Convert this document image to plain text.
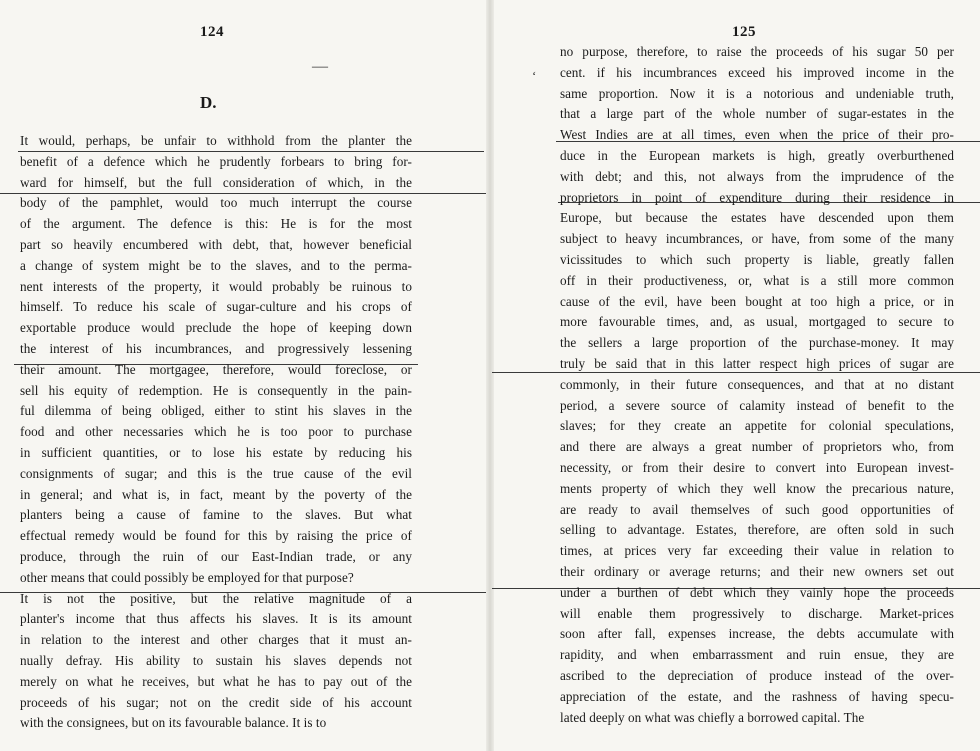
124
—
D.
It would, perhaps, be unfair to withhold from the planter the
benefit of a defence which he prudently forbears to bring for-
ward for himself, but the full consideration of which, in the
body of the pamphlet, would too much interrupt the course
of the argument. The defence is this: He is for the most
part so heavily encumbered with debt, that, however beneficial
a change of system might be to the slaves, and to the perma-
nent interests of the property, it would probably be ruinous to
himself. To reduce his scale of sugar-culture and his crops of
exportable produce would preclude the hope of keeping down
the interest of his incumbrances, and progressively lessening
their amount. The mortgagee, therefore, would foreclose, or
sell his equity of redemption. He is consequently in the pain-
ful dilemma of being obliged, either to stint his slaves in the
food and other necessaries which he is too poor to purchase
in sufficient quantities, or to lose his estate by reducing his
consignments of sugar; and this is the true cause of the evil
in general; and what is, in fact, meant by the poverty of the
planters being a cause of famine to the slaves. But what
effectual remedy would be found for this by raising the price of
produce, through the ruin of our East-Indian trade, or any
other means that could possibly be employed for that purpose?
It is not the positive, but the relative magnitude of a
planter's income that thus affects his slaves. It is its amount
in relation to the interest and other charges that it must an-
nually defray. His ability to sustain his slaves depends not
merely on what he receives, but what he has to pay out of the
proceeds of his sugar; not on the credit side of his account
with the consignees, but on its favourable balance. It is to
125
‘
no purpose, therefore, to raise the proceeds of his sugar 50 per
cent. if his incumbrances exceed his improved income in the
same proportion. Now it is a notorious and undeniable truth,
that a large part of the whole number of sugar-estates in the
West Indies are at all times, even when the price of their pro-
duce in the European markets is high, greatly overburthened
with debt; and this, not always from the imprudence of the
proprietors in point of expenditure during their residence in
Europe, but because the estates have descended upon them
subject to heavy incumbrances, or have, from some of the many
vicissitudes to which such property is liable, greatly fallen
off in their productiveness, or, what is a still more common
cause of the evil, have been bought at too high a price, or in
more favourable times, and, as usual, mortgaged to secure to
the sellers a large proportion of the purchase-money. It may
truly be said that in this latter respect high prices of sugar are
commonly, in their future consequences, and that at no distant
period, a severe source of calamity instead of benefit to the
slaves; for they create an appetite for colonial speculations,
and there are always a great number of proprietors who, from
necessity, or from their desire to convert into European invest-
ments property of which they well know the precarious nature,
are ready to avail themselves of such good opportunities of
selling to advantage. Estates, therefore, are often sold in such
times, at prices very far exceeding their value in relation to
their ordinary or average returns; and their new owners set out
under a burthen of debt which they vainly hope the proceeds
will enable them progressively to discharge. Market-prices
soon after fall, expenses increase, the debts accumulate with
rapidity, and when embarrassment and ruin ensue, they are
ascribed to the depreciation of produce instead of the over-
appreciation of the estate, and the rashness of having specu-
lated deeply on what was chiefly a borrowed capital. The
